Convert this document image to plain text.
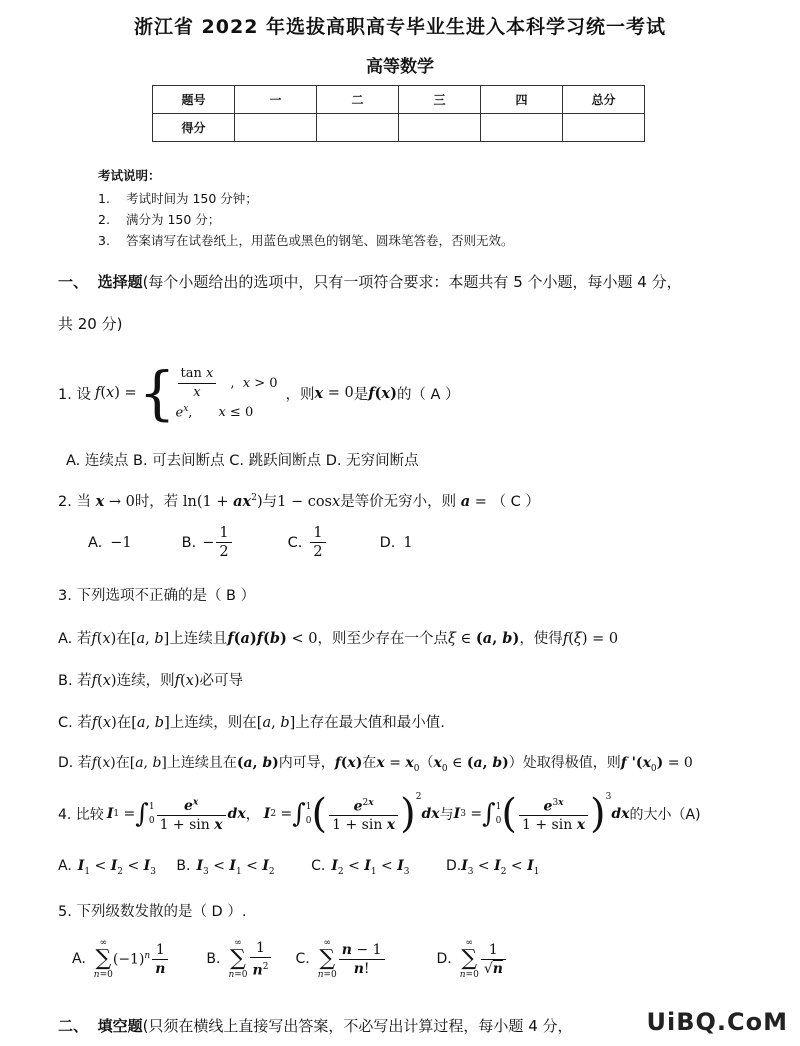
浙江省 2022 年选拔高职高专毕业生进入本科学习统一考试
高等数学
题号	一	二	三	四	总分
得分					
考试说明：
1. 考试时间为 150 分钟；
2. 满分为 150 分；
3. 答案请写在试卷纸上，用蓝色或黑色的钢笔、圆珠笔答卷，否则无效。
一、 选择题(每个小题给出的选项中，只有一项符合要求：本题共有 5 个小题，每小题 4 分，
共 20 分)
1. 设 f (x) = { $\frac{\text{tan x}}{x}$ ,  x > 0
$e^x$, x ≤ 0
，则 x = 0 是 f (x) 的（ A ）
A. 连续点 B. 可去间断点 C. 跳跃间断点 D. 无穷间断点
2. 当 x → 0时，若 $\ln(1 + ax^2)$与1 − cosx是等价无穷小，则 a = （ C ）
A. −1	B. − $\frac{1}{2}$	C. $\frac{1}{2}$	D. 1
3. 下列选项不正确的是（ B ）
A. 若f(x)在[a, b]上连续且f(a)f(b) < 0，则至少存在一个点ξ ∈ (a, b)，使得f(ξ) = 0
B. 若f(x)连续，则f(x)必可导
C. 若f(x)在[a, b]上连续，则在[a, b]上存在最大值和最小值.
D. 若f(x)在[a, b]上连续且在(a, b)内可导，f(x)在$x = x_0(x_0$ ∈ (a, b)）处取得极值，则f '$(x_0) = 0$
4. 比较 I 1 = ∫ 1
$0 \frac{e^x}{\text{1 + sin x}}$ dx ， I 2 = ∫ 1
0 ( $\frac{e^{2x}}{\text{1 + sin x}} )^2$
dx 与 I 3 = ∫ 1
0 ( $\frac{e^{3x}}{\text{1 + sin x}} )^3$
dx 的大小（A)
A. $I_1 < I_2 < I_3$ B. $I_3 < I_1 < I_2$	C. $I_2 < I_1 < I_3$	$D.I_3 < I_2 < I_1$
5. 下列级数发散的是（ D ）.
A.
∞
∑
n=0
$(-1)^n \frac{1}{n}$	B.
∞
∑
$n=0 \frac{1}{n^2} C$.
∞
∑
$n=0 \frac{n - 1}{n!}$	D.
∞
∑
$n=0 \frac{1}{√n}$
二、 填空题(只须在横线上直接写出答案，不必写出计算过程，每小题 4 分，	UiBQ.CoM
